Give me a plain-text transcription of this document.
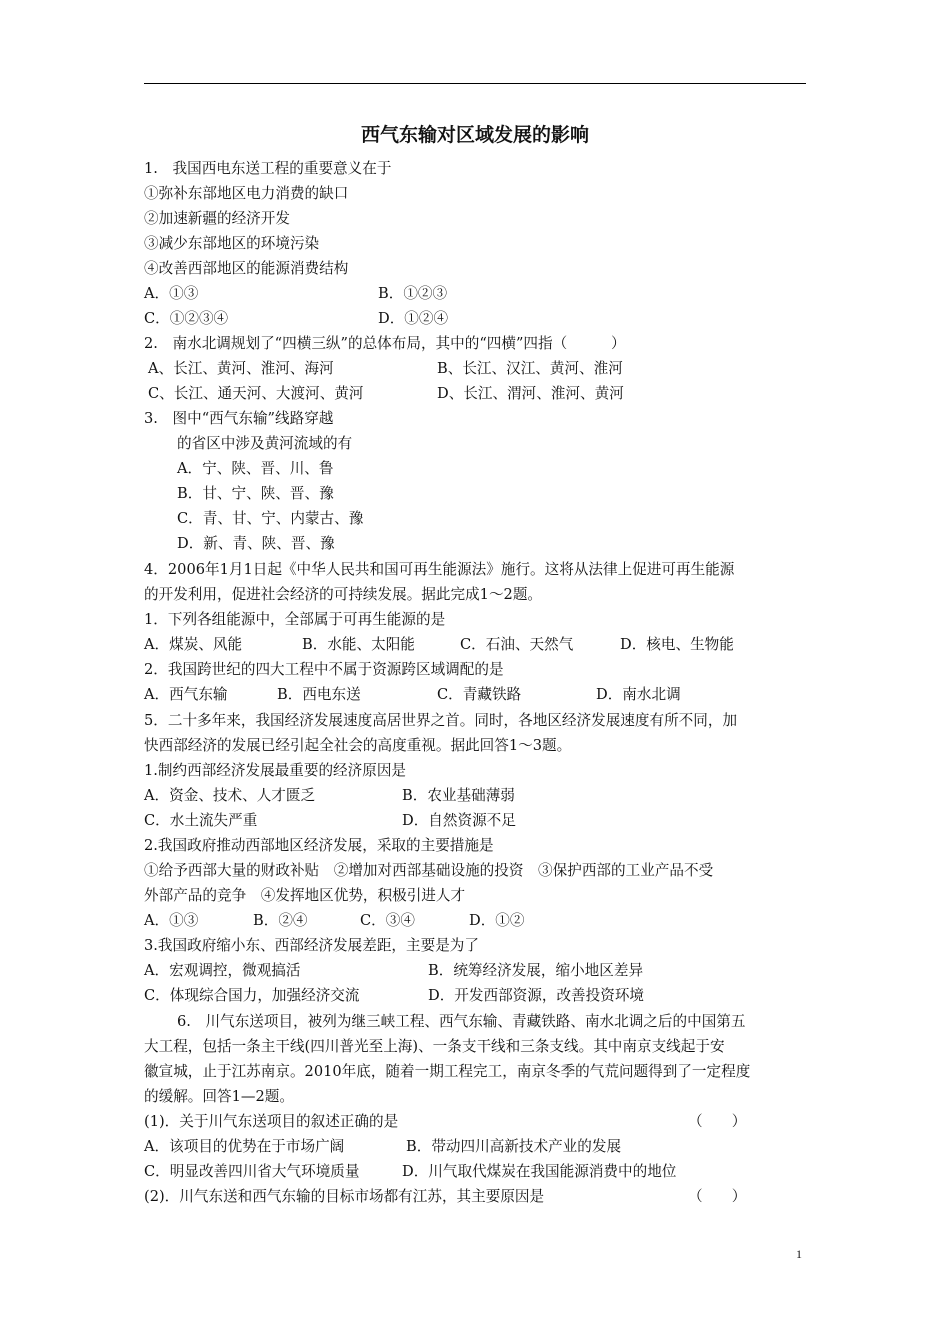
西气东输对区域发展的影响
1.　我国西电东送工程的重要意义在于
①弥补东部地区电力消费的缺口
②加速新疆的经济开发
③减少东部地区的环境污染
④改善西部地区的能源消费结构
A．①③	B．①②③
C．①②③④	D．①②④
2.　南水北调规划了“四横三纵”的总体布局，其中的“四横”四指（　　　）
A、长江、黄河、淮河、海河	B、长江、汉江、黄河、淮河
C、长江、通天河、大渡河、黄河	D、长江、渭河、淮河、黄河
3.　图中“西气东输”线路穿越
的省区中涉及黄河流域的有
A．宁、陕、晋、川、鲁
B．甘、宁、陕、晋、豫
C．青、甘、宁、内蒙古、豫
D．新、青、陕、晋、豫
4．2006年1月1日起《中华人民共和国可再生能源法》施行。这将从法律上促进可再生能源
的开发利用，促进社会经济的可持续发展。据此完成1～2题。
1．下列各组能源中，全部属于可再生能源的是
A．煤炭、风能	B．水能、太阳能	C．石油、天然气	D．核电、生物能
2．我国跨世纪的四大工程中不属于资源跨区域调配的是
A．西气东输	B．西电东送	C．青藏铁路	D．南水北调
5．二十多年来，我国经济发展速度高居世界之首。同时，各地区经济发展速度有所不同，加
快西部经济的发展已经引起全社会的高度重视。据此回答1～3题。
1.制约西部经济发展最重要的经济原因是
A．资金、技术、人才匮乏	B．农业基础薄弱
C．水土流失严重	D．自然资源不足
2.我国政府推动西部地区经济发展，采取的主要措施是
①给予西部大量的财政补贴　②增加对西部基础设施的投资　③保护西部的工业产品不受
外部产品的竞争　④发挥地区优势，积极引进人才
A．①③	B．②④	C．③④	D．①②
3.我国政府缩小东、西部经济发展差距，主要是为了
A．宏观调控，微观搞活	B．统筹经济发展，缩小地区差异
C．体现综合国力，加强经济交流	D．开发西部资源，改善投资环境
6.　川气东送项目，被列为继三峡工程、西气东输、青藏铁路、南水北调之后的中国第五
大工程，包括一条主干线(四川普光至上海)、一条支干线和三条支线。其中南京支线起于安
徽宣城，止于江苏南京。2010年底，随着一期工程完工，南京冬季的气荒问题得到了一定程度
的缓解。回答1—2题。
(1)．关于川气东送项目的叙述正确的是	（　　）
A．该项目的优势在于市场广阔	B．带动四川高新技术产业的发展
C．明显改善四川省大气环境质量	D．川气取代煤炭在我国能源消费中的地位
(2)．川气东送和西气东输的目标市场都有江苏，其主要原因是	（　　）
1
